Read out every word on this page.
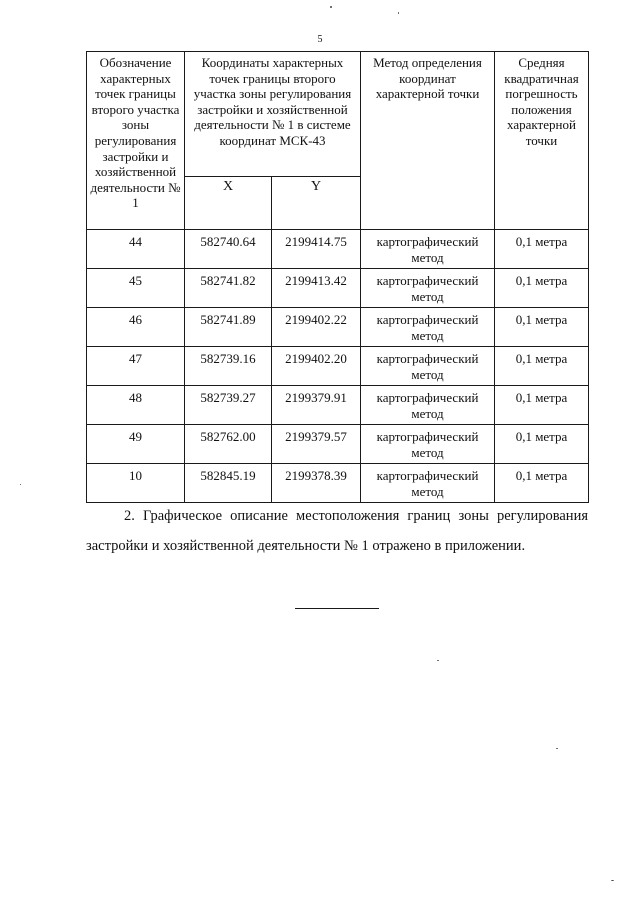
5
Обозначение характерных точек границы второго участка зоны регулирования застройки и хозяйственной деятельности № 1	Координаты характерных точек границы второго участка зоны регулирования застройки и хозяйственной деятельности № 1 в системе координат МСК-43		Метод определения координат характерной точки	Средняя квадратичная погрешность положения характерной точки
	X	Y		
44	582740.64	2199414.75	картографический метод	0,1 метра
45	582741.82	2199413.42	картографический метод	0,1 метра
46	582741.89	2199402.22	картографический метод	0,1 метра
47	582739.16	2199402.20	картографический метод	0,1 метра
48	582739.27	2199379.91	картографический метод	0,1 метра
49	582762.00	2199379.57	картографический метод	0,1 метра
10	582845.19	2199378.39	картографический метод	0,1 метра

2. Графическое описание местоположения границ зоны регулирования застройки и хозяйственной деятельности № 1 отражено в приложении.
